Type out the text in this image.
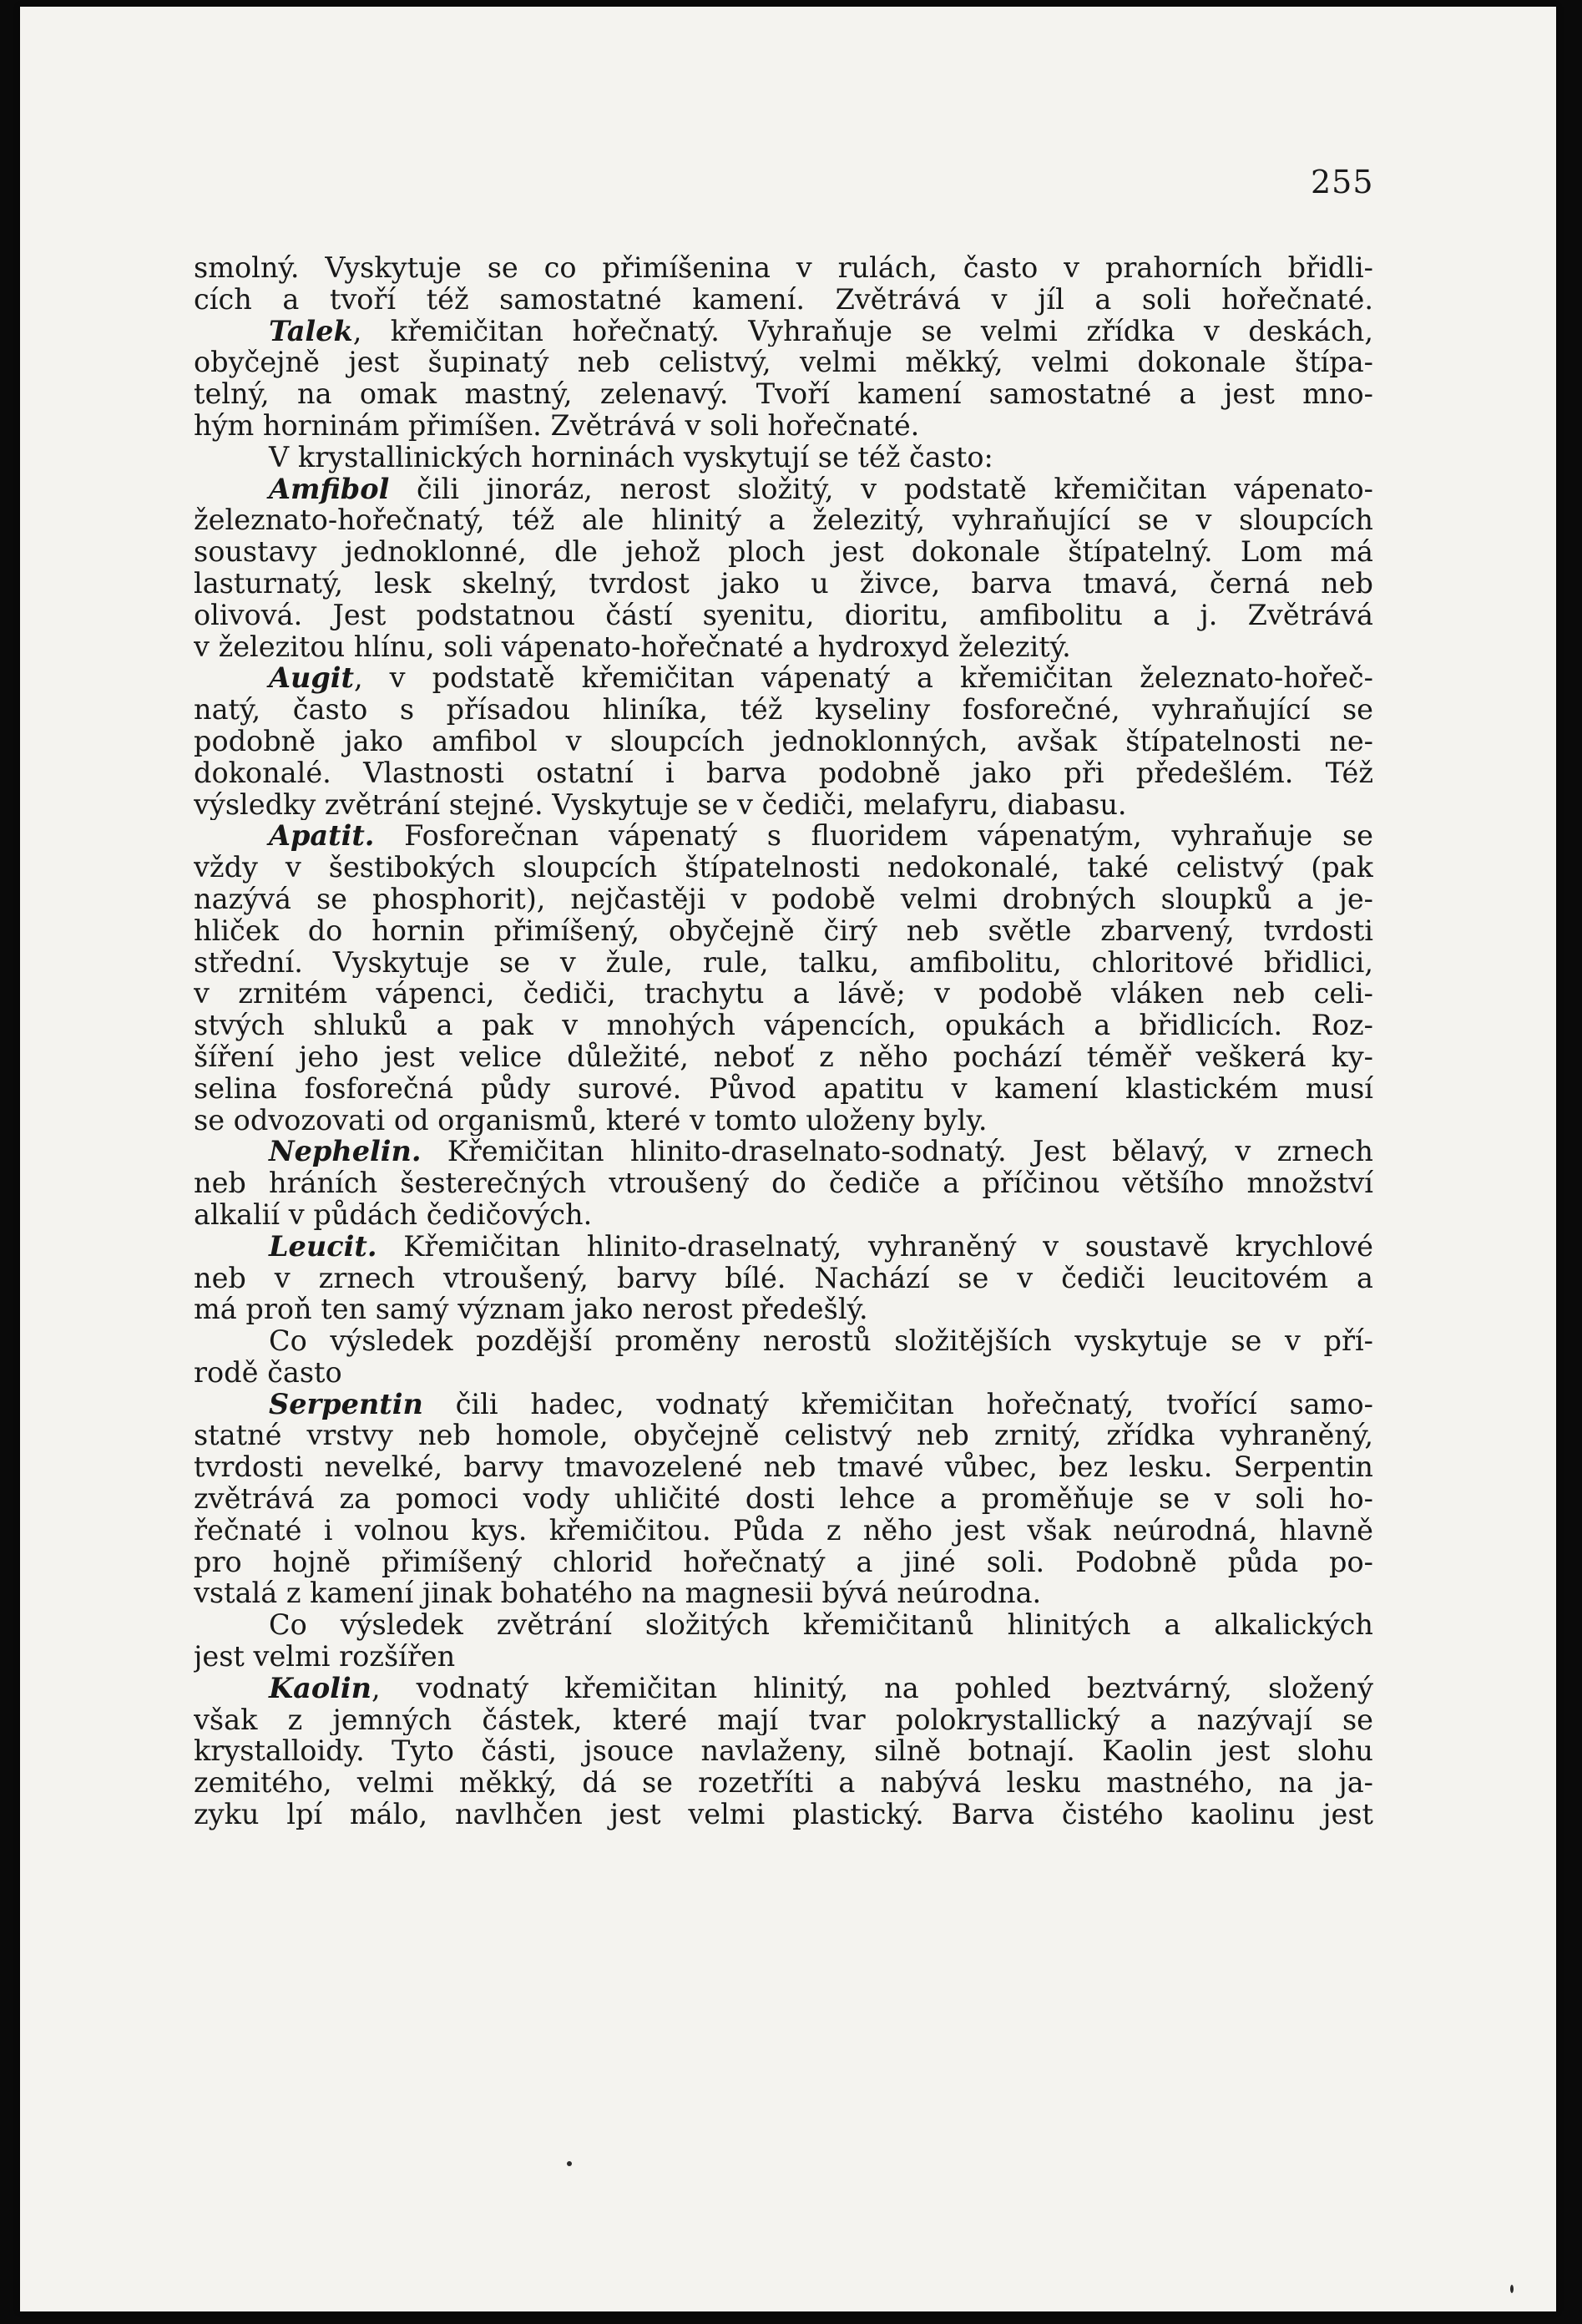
255
smolný. Vyskytuje se co přimíšenina v rulách, často v prahorních břidli-
cích a tvoří též samostatné kamení. Zvětrává v jíl a soli hořečnaté.
Talek, křemičitan hořečnatý. Vyhraňuje se velmi zřídka v deskách,
obyčejně jest šupinatý neb celistvý, velmi měkký, velmi dokonale štípa-
telný, na omak mastný, zelenavý. Tvoří kamení samostatné a jest mno-
hým horninám přimíšen. Zvětrává v soli hořečnaté.
V krystallinických horninách vyskytují se též často:
Amfibol čili jinoráz, nerost složitý, v podstatě křemičitan vápenato-
železnato-hořečnatý, též ale hlinitý a železitý, vyhraňující se v sloupcích
soustavy jednoklonné, dle jehož ploch jest dokonale štípatelný. Lom má
lasturnatý, lesk skelný, tvrdost jako u živce, barva tmavá, černá neb
olivová. Jest podstatnou částí syenitu, dioritu, amfibolitu a j. Zvětrává
v železitou hlínu, soli vápenato-hořečnaté a hydroxyd železitý.
Augit, v podstatě křemičitan vápenatý a křemičitan železnato-hořeč-
natý, často s přísadou hliníka, též kyseliny fosforečné, vyhraňující se
podobně jako amfibol v sloupcích jednoklonných, avšak štípatelnosti ne-
dokonalé. Vlastnosti ostatní i barva podobně jako při předešlém. Též
výsledky zvětrání stejné. Vyskytuje se v čediči, melafyru, diabasu.
Apatit. Fosforečnan vápenatý s fluoridem vápenatým, vyhraňuje se
vždy v šestibokých sloupcích štípatelnosti nedokonalé, také celistvý (pak
nazývá se phosphorit), nejčastěji v podobě velmi drobných sloupků a je-
hliček do hornin přimíšený, obyčejně čirý neb světle zbarvený, tvrdosti
střední. Vyskytuje se v žule, rule, talku, amfibolitu, chloritové břidlici,
v zrnitém vápenci, čediči, trachytu a lávě; v podobě vláken neb celi-
stvých shluků a pak v mnohých vápencích, opukách a břidlicích. Roz-
šíření jeho jest velice důležité, neboť z něho pochází téměř veškerá ky-
selina fosforečná půdy surové. Původ apatitu v kamení klastickém musí
se odvozovati od organismů, které v tomto uloženy byly.
Nephelin. Křemičitan hlinito-draselnato-sodnatý. Jest bělavý, v zrnech
neb hráních šesterečných vtroušený do čediče a příčinou většího množství
alkalií v půdách čedičových.
Leucit. Křemičitan hlinito-draselnatý, vyhraněný v soustavě krychlové
neb v zrnech vtroušený, barvy bílé. Nachází se v čediči leucitovém a
má proň ten samý význam jako nerost předešlý.
Co výsledek pozdější proměny nerostů složitějších vyskytuje se v pří-
rodě často
Serpentin čili hadec, vodnatý křemičitan hořečnatý, tvořící samo-
statné vrstvy neb homole, obyčejně celistvý neb zrnitý, zřídka vyhraněný,
tvrdosti nevelké, barvy tmavozelené neb tmavé vůbec, bez lesku. Serpentin
zvětrává za pomoci vody uhličité dosti lehce a proměňuje se v soli ho-
řečnaté i volnou kys. křemičitou. Půda z něho jest však neúrodná, hlavně
pro hojně přimíšený chlorid hořečnatý a jiné soli. Podobně půda po-
vstalá z kamení jinak bohatého na magnesii bývá neúrodna.
Co výsledek zvětrání složitých křemičitanů hlinitých a alkalických
jest velmi rozšířen
Kaolin, vodnatý křemičitan hlinitý, na pohled beztvárný, složený
však z jemných částek, které mají tvar polokrystallický a nazývají se
krystalloidy. Tyto části, jsouce navlaženy, silně botnají. Kaolin jest slohu
zemitého, velmi měkký, dá se rozetříti a nabývá lesku mastného, na ja-
zyku lpí málo, navlhčen jest velmi plastický. Barva čistého kaolinu jest
